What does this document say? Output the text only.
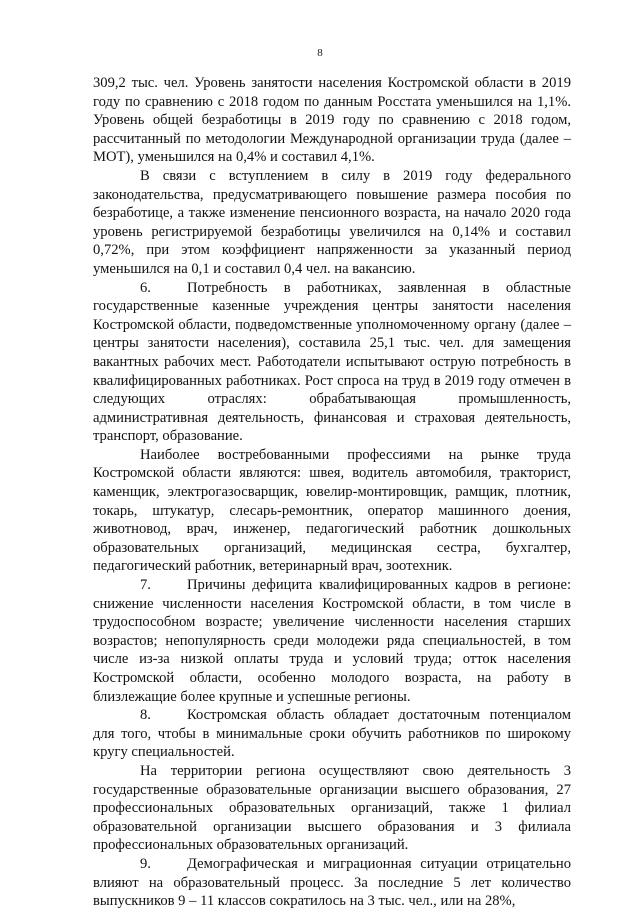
8

309,2 тыс. чел. Уровень занятости населения Костромской области в 2019 году по сравнению с 2018 годом по данным Росстата уменьшился на 1,1%. Уровень общей безработицы в 2019 году по сравнению с 2018 годом, рассчитанный по методологии Международной организации труда (далее – МОТ), уменьшился на 0,4% и составил 4,1%.

В связи с вступлением в силу в 2019 году федерального законодательства, предусматривающего повышение размера пособия по безработице, а также изменение пенсионного возраста, на начало 2020 года уровень регистрируемой безработицы увеличился на 0,14% и составил 0,72%, при этом коэффициент напряженности за указанный период уменьшился на 0,1 и составил 0,4 чел. на вакансию.

6. Потребность в работниках, заявленная в областные государственные казенные учреждения центры занятости населения Костромской области, подведомственные уполномоченному органу (далее – центры занятости населения), составила 25,1 тыс. чел. для замещения вакантных рабочих мест. Работодатели испытывают острую потребность в квалифицированных работниках. Рост спроса на труд в 2019 году отмечен в следующих отраслях: обрабатывающая промышленность, административная деятельность, финансовая и страховая деятельность, транспорт, образование.

Наиболее востребованными профессиями на рынке труда Костромской области являются: швея, водитель автомобиля, тракторист, каменщик, электрогазосварщик, ювелир-монтировщик, рамщик, плотник, токарь, штукатур, слесарь-ремонтник, оператор машинного доения, животновод, врач, инженер, педагогический работник дошкольных образовательных организаций, медицинская сестра, бухгалтер, педагогический работник, ветеринарный врач, зоотехник.

7. Причины дефицита квалифицированных кадров в регионе: снижение численности населения Костромской области, в том числе в трудоспособном возрасте; увеличение численности населения старших возрастов; непопулярность среди молодежи ряда специальностей, в том числе из-за низкой оплаты труда и условий труда; отток населения Костромской области, особенно молодого возраста, на работу в близлежащие более крупные и успешные регионы.

8. Костромская область обладает достаточным потенциалом для того, чтобы в минимальные сроки обучить работников по широкому кругу специальностей.

На территории региона осуществляют свою деятельность 3 государственные образовательные организации высшего образования, 27 профессиональных образовательных организаций, также 1 филиал образовательной организации высшего образования и 3 филиала профессиональных образовательных организаций.

9. Демографическая и миграционная ситуации отрицательно влияют на образовательный процесс. За последние 5 лет количество выпускников 9 – 11 классов сократилось на 3 тыс. чел., или на 28%,
